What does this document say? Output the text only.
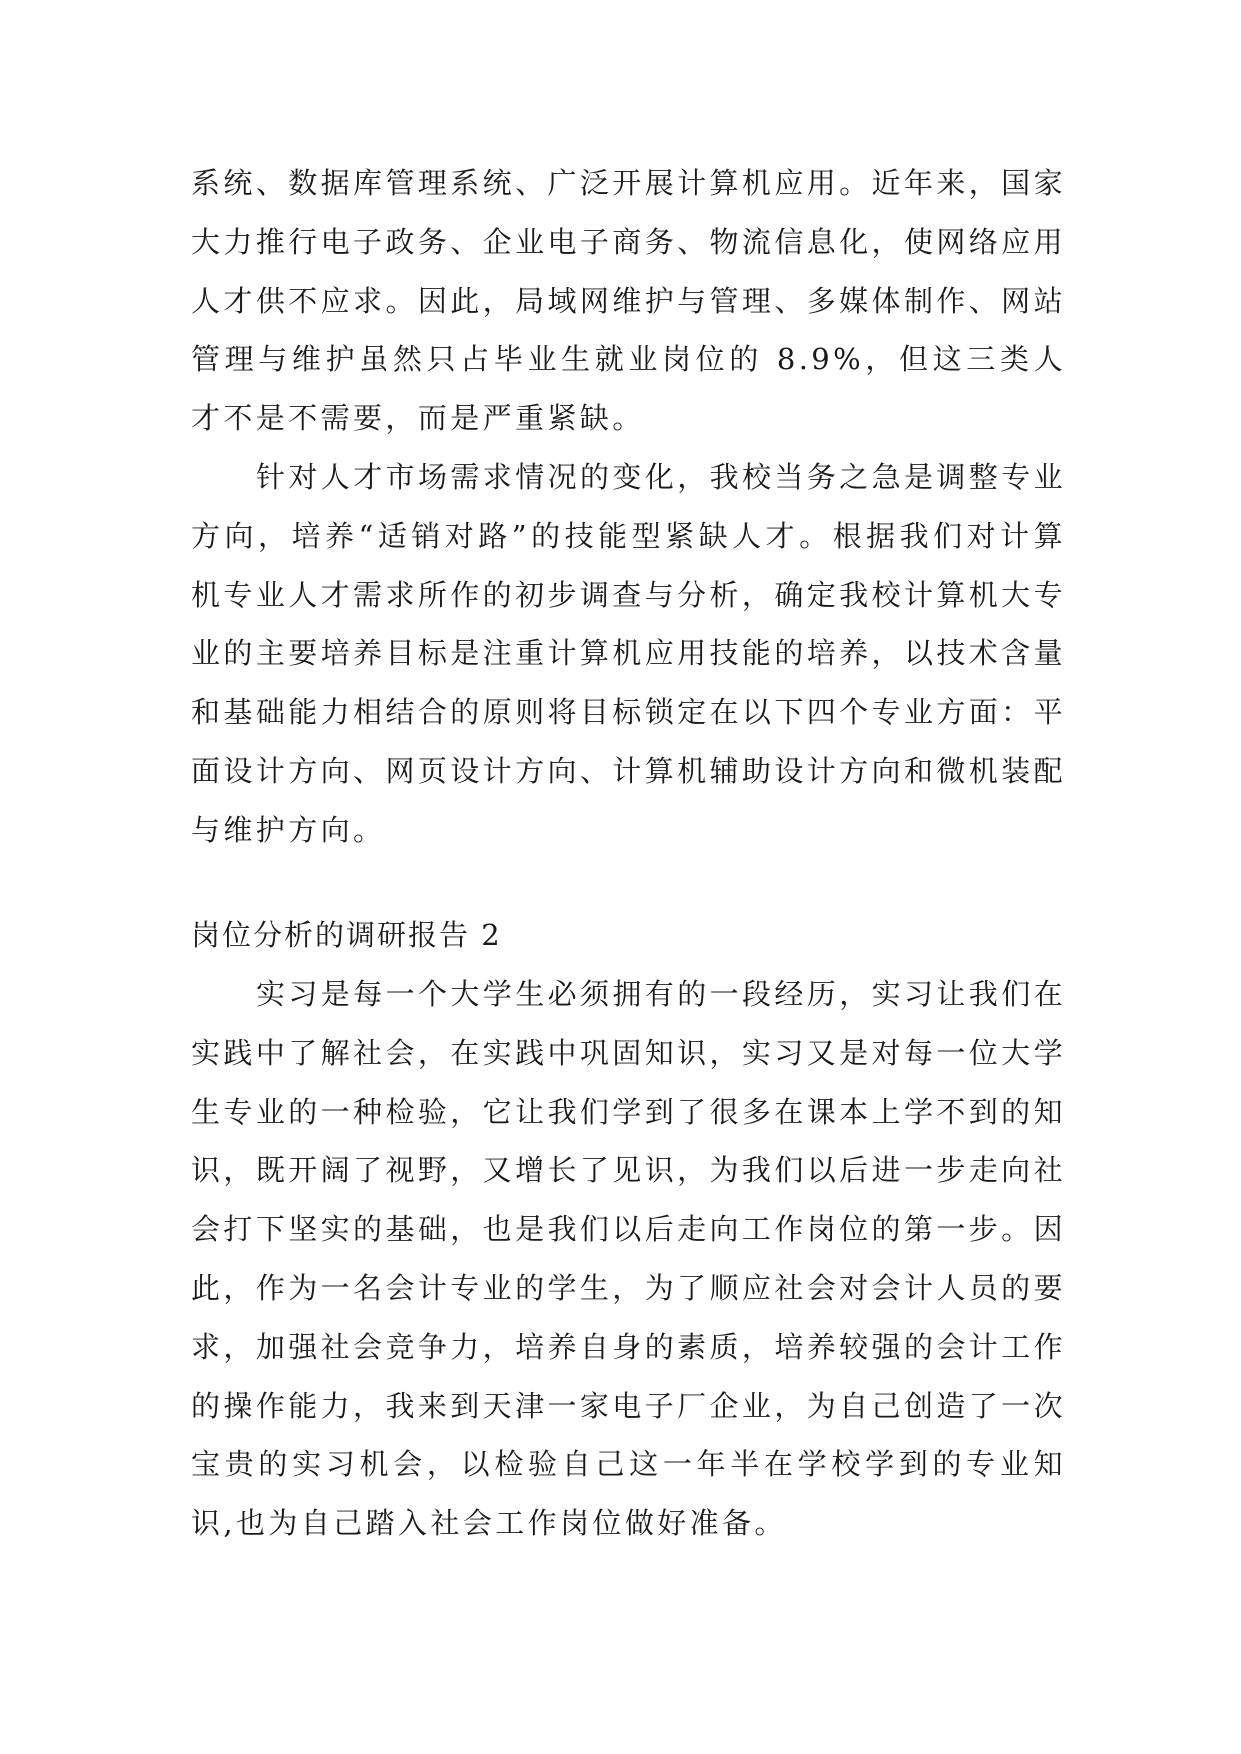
系统、数据库管理系统、广泛开展计算机应用。近年来，国家大力推行电子政务、企业电子商务、物流信息化，使网络应用人才供不应求。因此，局域网维护与管理、多媒体制作、网站管理与维护虽然只占毕业生就业岗位的 8.9%，但这三类人才不是不需要，而是严重紧缺。

针对人才市场需求情况的变化，我校当务之急是调整专业方向，培养“适销对路”的技能型紧缺人才。根据我们对计算机专业人才需求所作的初步调查与分析，确定我校计算机大专业的主要培养目标是注重计算机应用技能的培养，以技术含量和基础能力相结合的原则将目标锁定在以下四个专业方面：平面设计方向、网页设计方向、计算机辅助设计方向和微机装配与维护方向。

岗位分析的调研报告 2

实习是每一个大学生必须拥有的一段经历，实习让我们在实践中了解社会，在实践中巩固知识，实习又是对每一位大学生专业的一种检验，它让我们学到了很多在课本上学不到的知识，既开阔了视野，又增长了见识，为我们以后进一步走向社会打下坚实的基础，也是我们以后走向工作岗位的第一步。因此，作为一名会计专业的学生，为了顺应社会对会计人员的要求，加强社会竞争力，培养自身的素质，培养较强的会计工作的操作能力，我来到天津一家电子厂企业，为自己创造了一次宝贵的实习机会，以检验自己这一年半在学校学到的专业知识,也为自己踏入社会工作岗位做好准备。
